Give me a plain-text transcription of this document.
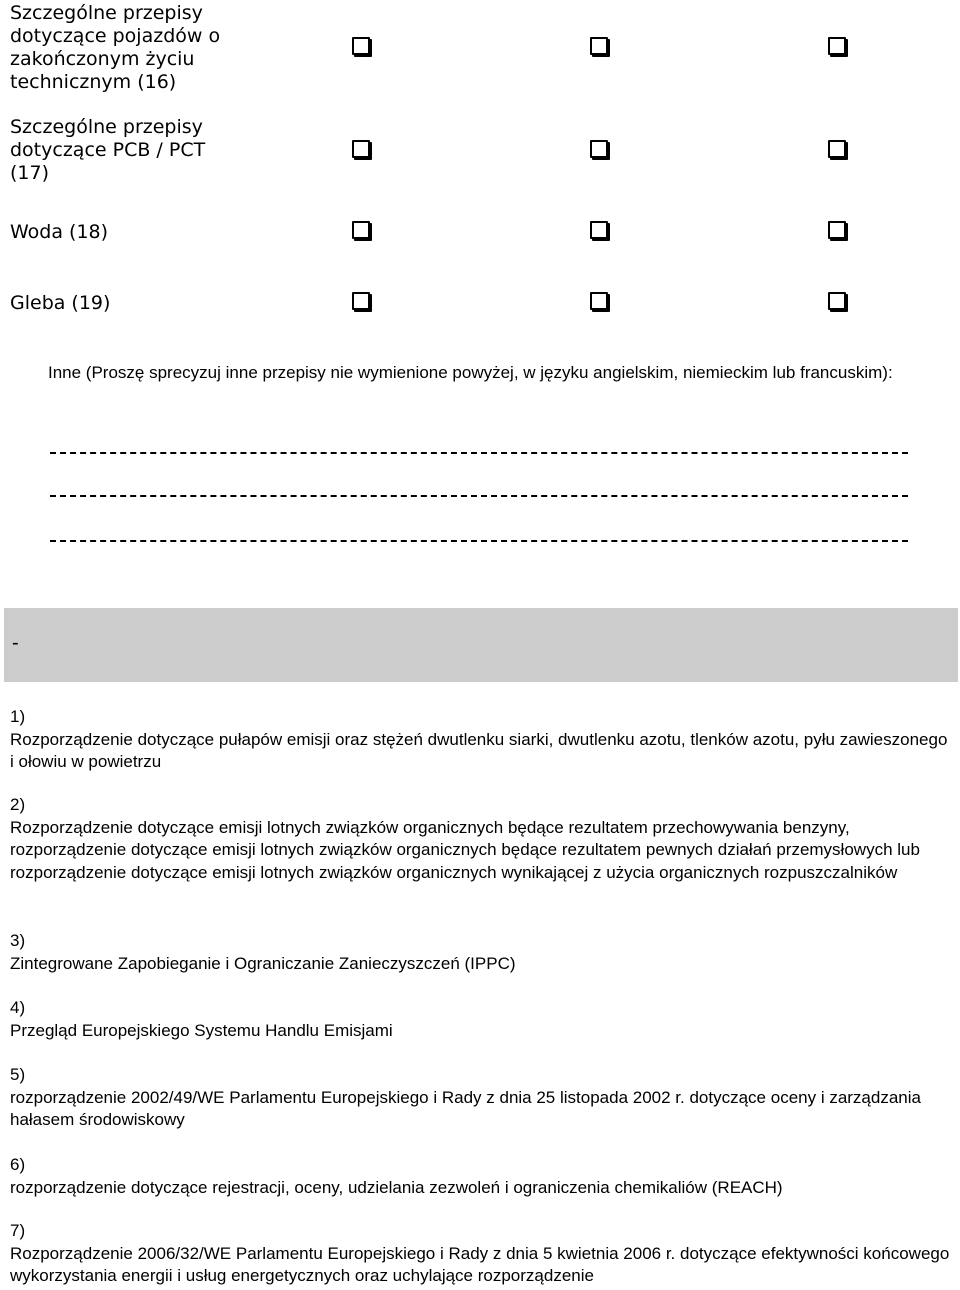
Szczególne przepisy
dotyczące pojazdów o
zakończonym życiu
technicznym (16)
Szczególne przepisy
dotyczące PCB / PCT
(17)
Woda (18)
Gleba (19)
Inne (Proszę sprecyzuj inne przepisy nie wymienione powyżej, w języku angielskim, niemieckim lub francuskim):
-
1)
Rozporządzenie dotyczące pułapów emisji oraz stężeń dwutlenku siarki, dwutlenku azotu, tlenków azotu, pyłu zawieszonego i ołowiu w powietrzu
2)
Rozporządzenie dotyczące emisji lotnych związków organicznych będące rezultatem przechowywania benzyny, rozporządzenie dotyczące emisji lotnych związków organicznych będące rezultatem pewnych działań przemysłowych lub rozporządzenie dotyczące emisji lotnych związków organicznych wynikającej z użycia organicznych rozpuszczalników
3)
Zintegrowane Zapobieganie i Ograniczanie Zanieczyszczeń (IPPC)
4)
Przegląd Europejskiego Systemu Handlu Emisjami
5)
rozporządzenie 2002/49/WE Parlamentu Europejskiego i Rady z dnia 25 listopada 2002 r. dotyczące oceny i zarządzania hałasem środowiskowy
6)
rozporządzenie dotyczące rejestracji, oceny, udzielania zezwoleń i ograniczenia chemikaliów (REACH)
7)
Rozporządzenie 2006/32/WE Parlamentu Europejskiego i Rady z dnia 5 kwietnia 2006 r. dotyczące efektywności końcowego wykorzystania energii i usług energetycznych oraz uchylające rozporządzenie
